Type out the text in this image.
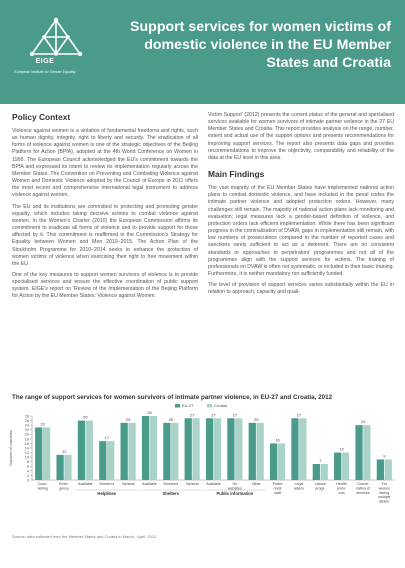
EIGE
European Institute for Gender Equality
Support services for women victims of domestic violence in the EU Member States and Croatia
Policy Context

Violence against women is a violation of fundamental freedoms and rights, such as human dignity, integrity, right to liberty and security. The eradication of all forms of violence against women is one of the strategic objectives of the Beijing Platform for Action (BPfA), adopted at the 4th World Conference on Women in 1995. The European Council acknowledged the EU's commitment towards the BPfA and expressed its intent to review its implementation regularly across the Member States. The Convention on Preventing and Combating Violence against Women and Domestic Violence adopted by the Council of Europe in 2011 offers the most recent and comprehensive international legal instrument to address violence against women.

The EU and its institutions are committed to protecting and promoting gender equality, which includes taking decisive actions to combat violence against women. In the Women's Charter (2010) the European Commission affirms its commitment to eradicate all forms of violence and to provide support for those affected by it. This commitment is reaffirmed in the Commission's Strategy for Equality between Women and Men 2010–2015. The Action Plan of the Stockholm Programme for 2010–2014 seeks to enhance the protection of women victims of violence when exercising their right to free movement within the EU.

One of the key measures to support women survivors of violence is to provide specialised services and ensure the effective coordination of public support system. EIGE's report on 'Review of the Implementation of the Beijing Platform for Action by the EU Member States: Violence against Women.

Victim Support' (2012) presents the current status of the general and specialised services available for women survivors of intimate partner violence in the 27 EU Member States and Croatia. This report provides analysis on the range, number, extent and actual use of the support options and presents recommendations for improving support services. The report also presents data gaps and provides recommendations to improve the objectivity, comparability and reliability of the data at the EU level in this area.

Main Findings

The vast majority of the EU Member States have implemented national action plans to combat domestic violence, and have included in the penal codes the intimate partner violence and adopted protection orders. However, many challenges still remain. The majority of national action plans lack monitoring and evaluation; legal measures lack a gender-based definition of violence, and protection orders lack efficient implementation. While there has been significant progress in the criminalisation of DVAW, gaps in implementation still remain, with low numbers of prosecutions compared to the number of reported cases and sanctions rarely sufficient to act as a deterrent. There are no consistent standards or approaches to perpetrators' programmes and not all of the programmes align with the support services for victims. The training of professionals on DVAW is often not systematic, or included in their basic training. Furthermore, it is neither mandatory nor sufficiently funded.

The level of provision of support services varies substantially within the EU in relation to approach, capacity and quali-

The range of support services for women survivors of intimate partner violence, in EU-27 and Croatia, 2012
0
2
4
6
8
10
12
14
16
18
20
22
24
26
28
Number of countries
EU-27	Croatia
23
Coun-
selling
11
Emer-
gency
26
Available
17
Women's
25
General
28
Available
25
Women's
27
General
27
Available
27
On
websites
25
Other
16
Police
on/at
staff
27
Legal
advice
7
Labour
progs.
12
Health
proto-
cols
24
Coordi-
nation of
services
9
For
women
facing
multiple
disadv.
Helplines	Shelters	Public information
Source: data collected from the Member States and Croatia in March - April, 2012
